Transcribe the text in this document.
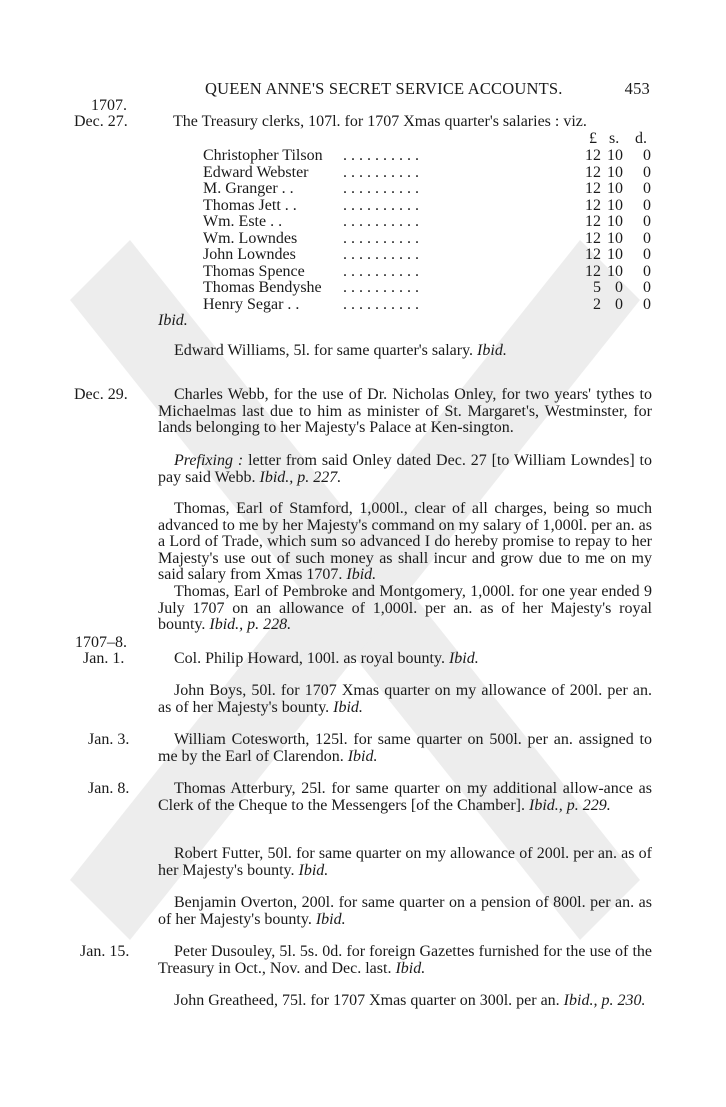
QUEEN ANNE'S SECRET SERVICE ACCOUNTS.	453
1707.
Dec. 27.	The Treasury clerks, 107l. for 1707 Xmas quarter's salaries : viz.
£ s. d.
Christopher Tilson . . . . . . . . . .	12 10	0
Edward Webster . . . . . . . . . .	12 10	0
M. Granger . .	. . . . . . . . . .	12 10	0
Thomas Jett . .	. . . . . . . . . .	12 10	0
Wm. Este . .	. . . . . . . . . .	12 10	0
Wm. Lowndes	. . . . . . . . . .	12 10	0
John Lowndes	. . . . . . . . . .	12 10	0
Thomas Spence . . . . . . . . . .	12 10	0
Thomas Bendyshe . . . . . . . . . .	5 0	0
Henry Segar . .	. . . . . . . . . .	2 0	0
Ibid.
Edward Williams, 5l. for same quarter's salary. Ibid.
Dec. 29.	Charles Webb, for the use of Dr. Nicholas Onley, for two years' tythes to Michaelmas last due to him as minister of St. Margaret's, Westminster, for lands belonging to her Majesty's Palace at Ken-sington.
Prefixing : letter from said Onley dated Dec. 27 [to William Lowndes] to pay said Webb. Ibid., p. 227.
Thomas, Earl of Stamford, 1,000l., clear of all charges, being so much advanced to me by her Majesty's command on my salary of 1,000l. per an. as a Lord of Trade, which sum so advanced I do hereby promise to repay to her Majesty's use out of such money as shall incur and grow due to me on my said salary from Xmas 1707. Ibid.
Thomas, Earl of Pembroke and Montgomery, 1,000l. for one year ended 9 July 1707 on an allowance of 1,000l. per an. as of her Majesty's royal bounty. Ibid., p. 228.
1707–8.
Jan. 1.	Col. Philip Howard, 100l. as royal bounty. Ibid.
John Boys, 50l. for 1707 Xmas quarter on my allowance of 200l. per an. as of her Majesty's bounty. Ibid.
Jan. 3.	William Cotesworth, 125l. for same quarter on 500l. per an. assigned to me by the Earl of Clarendon. Ibid.
Jan. 8.	Thomas Atterbury, 25l. for same quarter on my additional allow-ance as Clerk of the Cheque to the Messengers [of the Chamber]. Ibid., p. 229.
Robert Futter, 50l. for same quarter on my allowance of 200l. per an. as of her Majesty's bounty. Ibid.
Benjamin Overton, 200l. for same quarter on a pension of 800l. per an. as of her Majesty's bounty. Ibid.
Jan. 15.	Peter Dusouley, 5l. 5s. 0d. for foreign Gazettes furnished for the use of the Treasury in Oct., Nov. and Dec. last. Ibid.
John Greatheed, 75l. for 1707 Xmas quarter on 300l. per an. Ibid., p. 230.
